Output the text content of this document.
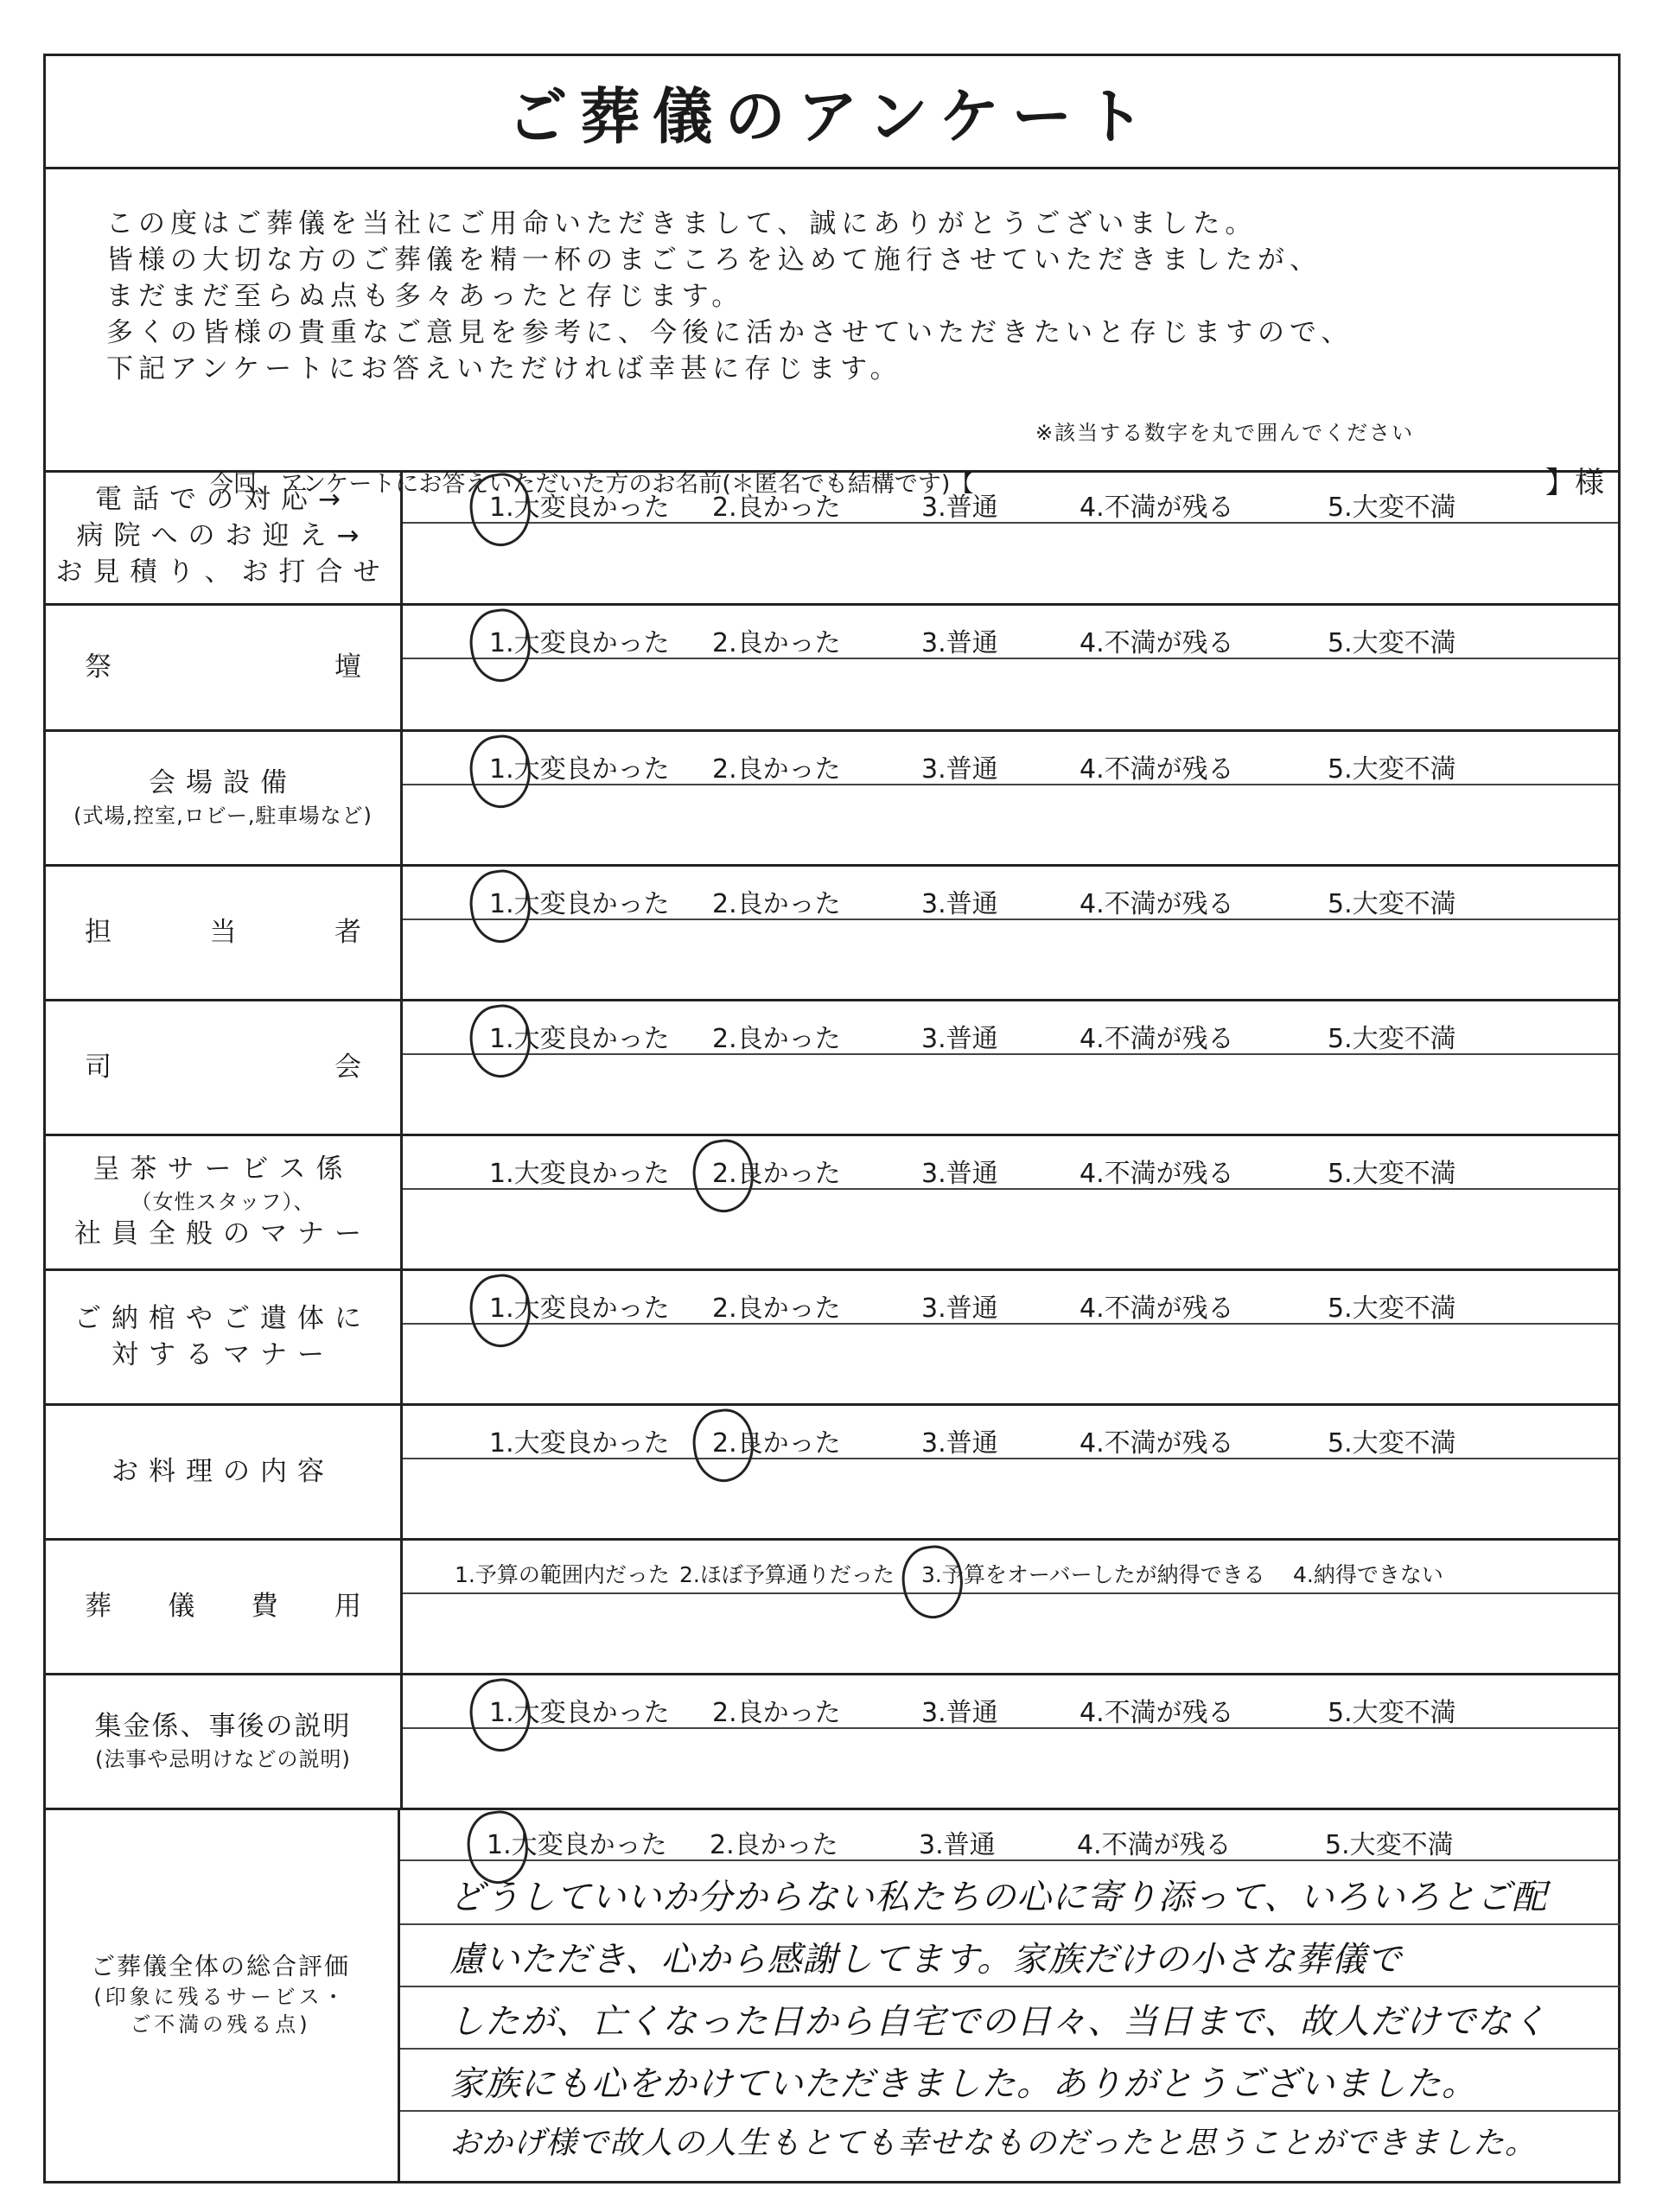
ご葬儀のアンケート

この度はご葬儀を当社にご用命いただきまして、誠にありがとうございました。

皆様の大切な方のご葬儀を精一杯のまごころを込めて施行させていただきましたが、

まだまだ至らぬ点も多々あったと存じます。

多くの皆様の貴重なご意見を参考に、今後に活かさせていただきたいと存じますので、

下記アンケートにお答えいただければ幸甚に存じます。

※該当する数字を丸で囲んでください
今回、アンケートにお答えいただいた方のお名前(＊匿名でも結構です)【	】様
電話での対応→
病院へのお迎え→
お見積り、お打合せ
1.大変良かった 2.良かった	3.普通	4.不満が残る	5.大変不満
祭	壇
1.大変良かった 2.良かった	3.普通	4.不満が残る	5.大変不満
会場設備
(式場,控室,ロビー,駐車場など)
1.大変良かった 2.良かった	3.普通	4.不満が残る	5.大変不満
担	当	者
1.大変良かった 2.良かった	3.普通	4.不満が残る	5.大変不満
司	会
1.大変良かった 2.良かった	3.普通	4.不満が残る	5.大変不満
呈茶サービス係
（女性スタッフ）、
社員全般のマナー
1.大変良かった 2.良かった	3.普通	4.不満が残る	5.大変不満
ご納棺やご遺体に
対するマナー
1.大変良かった 2.良かった	3.普通	4.不満が残る	5.大変不満
お料理の内容
1.大変良かった 2.良かった	3.普通	4.不満が残る	5.大変不満
葬 儀 費 用
1.予算の範囲内だった 2.ほぼ予算通りだった 3.予算をオーバーしたが納得できる 4.納得できない
集金係、事後の説明
(法事や忌明けなどの説明)
1.大変良かった 2.良かった	3.普通	4.不満が残る	5.大変不満
ご葬儀全体の総合評価
(印象に残るサービス・
ご不満の残る点)
1.大変良かった 2.良かった	3.普通	4.不満が残る	5.大変不満
どうしていいか分からない私たちの心に寄り添って、いろいろとご配
慮いただき、心から感謝してます。家族だけの小さな葬儀で
したが、亡くなった日から自宅での日々、当日まで、故人だけでなく
家族にも心をかけていただきました。ありがとうございました。
おかげ様で故人の人生もとても幸せなものだったと思うことができました。
